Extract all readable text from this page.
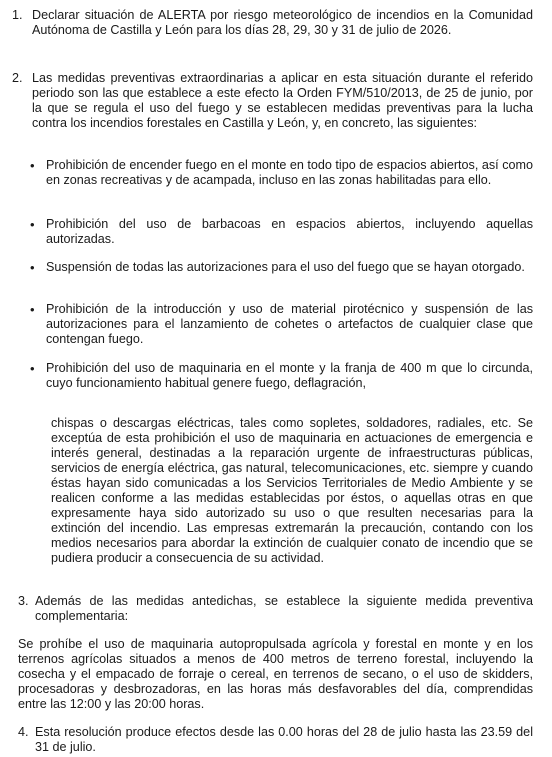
1. Declarar situación de ALERTA por riesgo meteorológico de incendios en la Comunidad Autónoma de Castilla y León para los días 28, 29, 30 y 31 de julio de 2026.

2. Las medidas preventivas extraordinarias a aplicar en esta situación durante el referido periodo son las que establece a este efecto la Orden FYM/510/2013, de 25 de junio, por la que se regula el uso del fuego y se establecen medidas preventivas para la lucha contra los incendios forestales en Castilla y León, y, en concreto, las siguientes:

• Prohibición de encender fuego en el monte en todo tipo de espacios abiertos, así como en zonas recreativas y de acampada, incluso en las zonas habilitadas para ello.

• Prohibición del uso de barbacoas en espacios abiertos, incluyendo aquellas autorizadas.

• Suspensión de todas las autorizaciones para el uso del fuego que se hayan otorgado.

• Prohibición de la introducción y uso de material pirotécnico y suspensión de las autorizaciones para el lanzamiento de cohetes o artefactos de cualquier clase que contengan fuego.

• Prohibición del uso de maquinaria en el monte y la franja de 400 m que lo circunda, cuyo funcionamiento habitual genere fuego, deflagración,

chispas o descargas eléctricas, tales como sopletes, soldadores, radiales, etc. Se exceptúa de esta prohibición el uso de maquinaria en actuaciones de emergencia e interés general, destinadas a la reparación urgente de infraestructuras públicas, servicios de energía eléctrica, gas natural, telecomunicaciones, etc. siempre y cuando éstas hayan sido comunicadas a los Servicios Territoriales de Medio Ambiente y se realicen conforme a las medidas establecidas por éstos, o aquellas otras en que expresamente haya sido autorizado su uso o que resulten necesarias para la extinción del incendio. Las empresas extremarán la precaución, contando con los medios necesarios para abordar la extinción de cualquier conato de incendio que se pudiera producir a consecuencia de su actividad.

3. Además de las medidas antedichas, se establece la siguiente medida preventiva complementaria:

Se prohíbe el uso de maquinaria autopropulsada agrícola y forestal en monte y en los terrenos agrícolas situados a menos de 400 metros de terreno forestal, incluyendo la cosecha y el empacado de forraje o cereal, en terrenos de secano, o el uso de skidders, procesadoras y desbrozadoras, en las horas más desfavorables del día, comprendidas entre las 12:00 y las 20:00 horas.

4. Esta resolución produce efectos desde las 0.00 horas del 28 de julio hasta las 23.59 del 31 de julio.
